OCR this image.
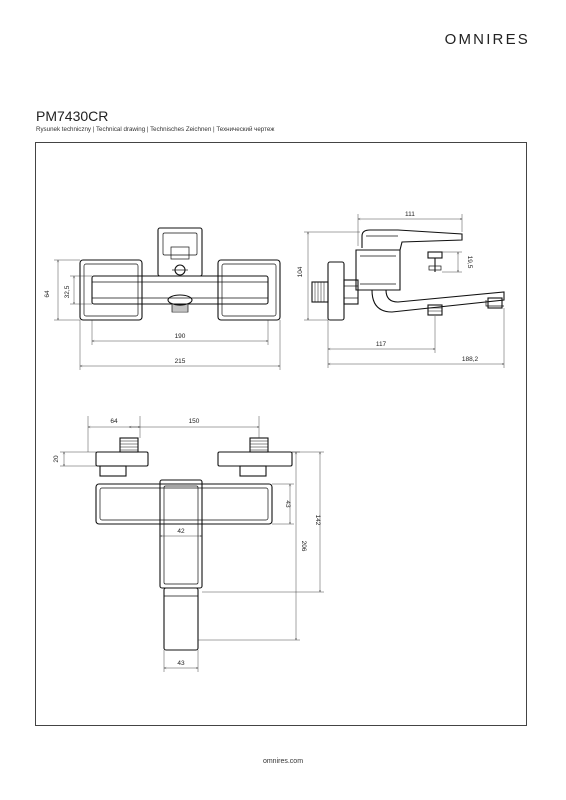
OMNIRES
PM7430CR
Rysunek techniczny | Technical drawing | Technisches Zeichnen | Технический чертеж
64 32,5
190
215
111
104
19,5
117
188,2
64	150
20
43
206
142
42
43
omnires.com
